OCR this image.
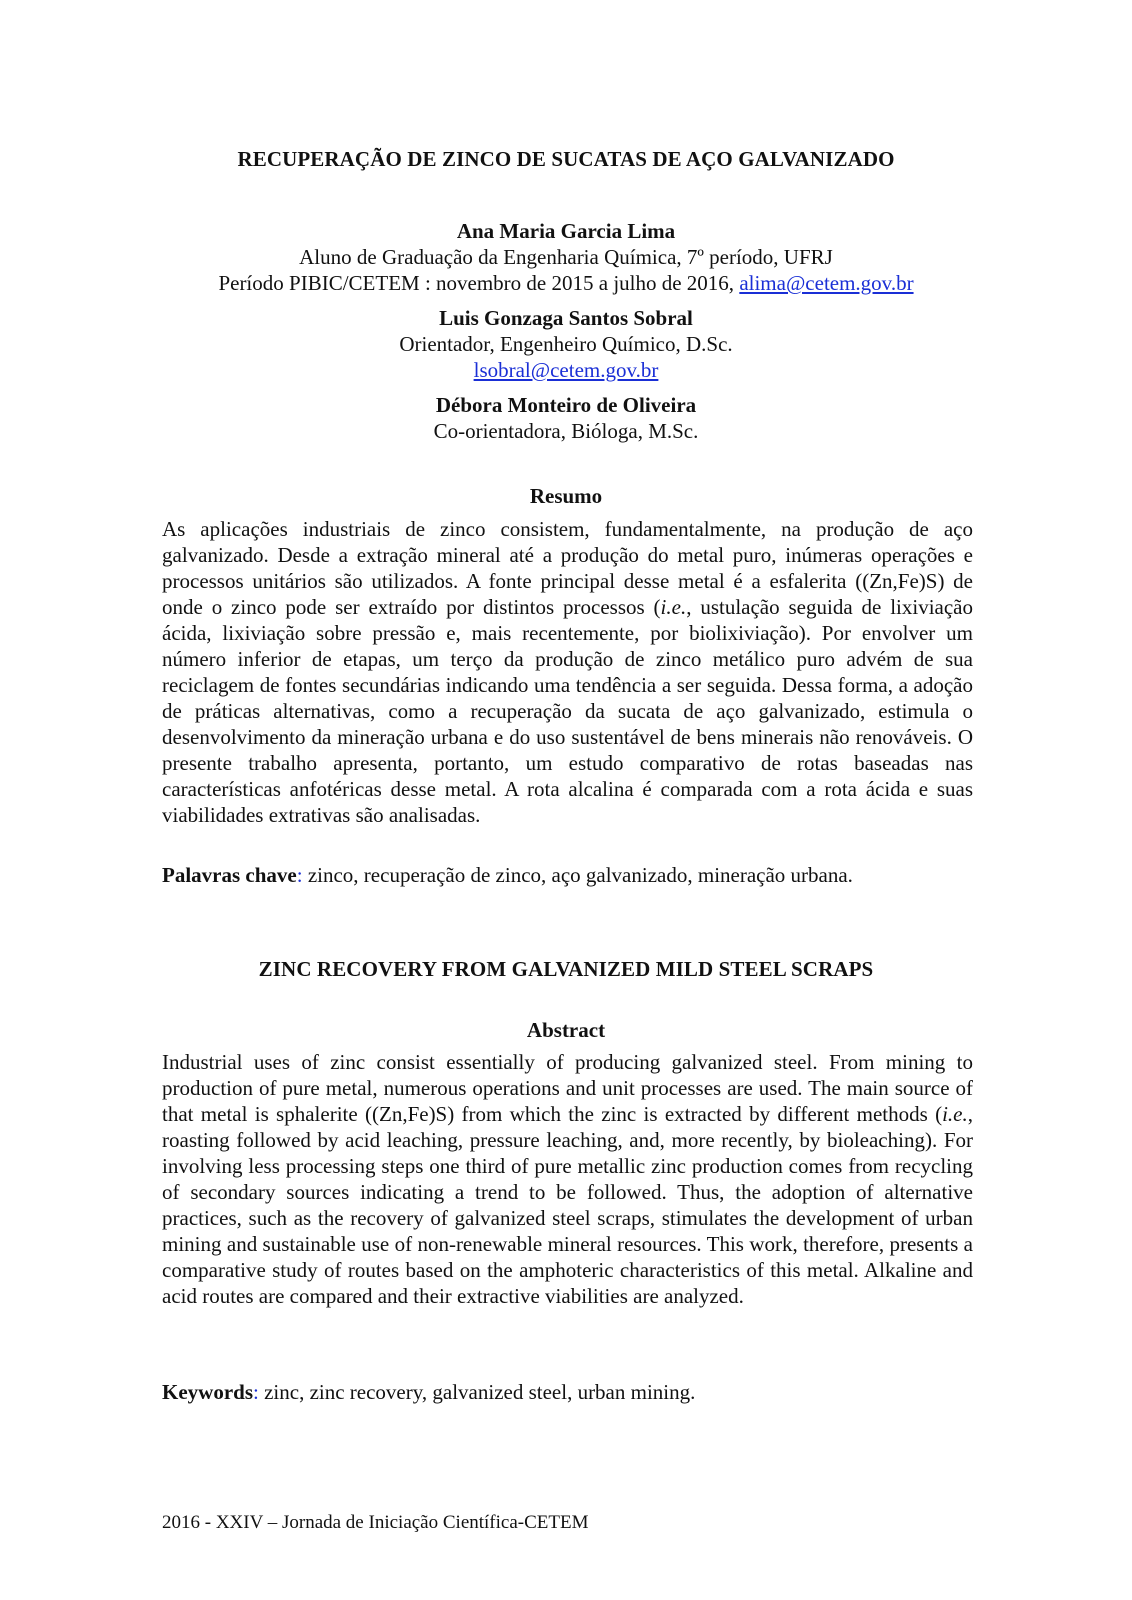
RECUPERAÇÃO DE ZINCO DE SUCATAS DE AÇO GALVANIZADO
Ana Maria Garcia Lima
Aluno de Graduação da Engenharia Química, 7º período, UFRJ
Período PIBIC/CETEM : novembro de 2015 a julho de 2016, alima@cetem.gov.br
Luis Gonzaga Santos Sobral
Orientador, Engenheiro Químico, D.Sc.
lsobral@cetem.gov.br
Débora Monteiro de Oliveira
Co-orientadora, Bióloga, M.Sc.
Resumo

As aplicações industriais de zinco consistem, fundamentalmente, na produção de aço galvanizado. Desde a extração mineral até a produção do metal puro, inúmeras operações e processos unitários são utilizados. A fonte principal desse metal é a esfalerita ((Zn,Fe)S) de onde o zinco pode ser extraído por distintos processos (i.e., ustulação seguida de lixiviação ácida, lixiviação sobre pressão e, mais recentemente, por biolixiviação). Por envolver um número inferior de etapas, um terço da produção de zinco metálico puro advém de sua reciclagem de fontes secundárias indicando uma tendência a ser seguida. Dessa forma, a adoção de práticas alternativas, como a recuperação da sucata de aço galvanizado, estimula o desenvolvimento da mineração urbana e do uso sustentável de bens minerais não renováveis. O presente trabalho apresenta, portanto, um estudo comparativo de rotas baseadas nas características anfotéricas desse metal. A rota alcalina é comparada com a rota ácida e suas viabilidades extrativas são analisadas.

Palavras chave: zinco, recuperação de zinco, aço galvanizado, mineração urbana.
ZINC RECOVERY FROM GALVANIZED MILD STEEL SCRAPS
Abstract

Industrial uses of zinc consist essentially of producing galvanized steel. From mining to production of pure metal, numerous operations and unit processes are used. The main source of that metal is sphalerite ((Zn,Fe)S) from which the zinc is extracted by different methods (i.e., roasting followed by acid leaching, pressure leaching, and, more recently, by bioleaching). For involving less processing steps one third of pure metallic zinc production comes from recycling of secondary sources indicating a trend to be followed. Thus, the adoption of alternative practices, such as the recovery of galvanized steel scraps, stimulates the development of urban mining and sustainable use of non-renewable mineral resources. This work, therefore, presents a comparative study of routes based on the amphoteric characteristics of this metal. Alkaline and acid routes are compared and their extractive viabilities are analyzed.

Keywords: zinc, zinc recovery, galvanized steel, urban mining.
2016 - XXIV – Jornada de Iniciação Científica-CETEM
